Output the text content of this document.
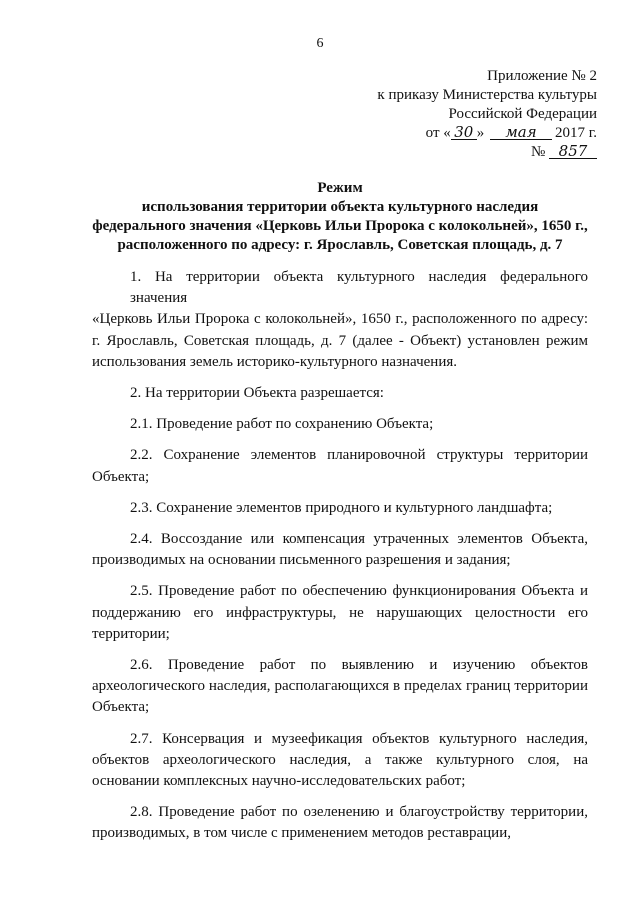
6
Приложение № 2
к приказу Министерства культуры
Российской Федерации
от « 30 » мая 2017 г.
№ 857
Режим
использования территории объекта культурного наследия
федерального значения «Церковь Ильи Пророка с колокольней», 1650 г.,
расположенного по адресу: г. Ярославль, Советская площадь, д. 7
1. На территории объекта культурного наследия федерального значения
«Церковь Ильи Пророка с колокольней», 1650 г., расположенного по адресу:
г. Ярославль, Советская площадь, д. 7 (далее - Объект) установлен режим
использования земель историко-культурного назначения.
2. На территории Объекта разрешается:
2.1. Проведение работ по сохранению Объекта;
2.2. Сохранение элементов планировочной структуры территории
Объекта;
2.3. Сохранение элементов природного и культурного ландшафта;
2.4. Воссоздание или компенсация утраченных элементов Объекта,
производимых на основании письменного разрешения и задания;
2.5. Проведение работ по обеспечению функционирования Объекта и
поддержанию его инфраструктуры, не нарушающих целостности его
территории;
2.6. Проведение работ по выявлению и изучению объектов
археологического наследия, располагающихся в пределах границ территории
Объекта;
2.7. Консервация и музеефикация объектов культурного наследия,
объектов археологического наследия, а также культурного слоя, на
основании комплексных научно-исследовательских работ;
2.8. Проведение работ по озеленению и благоустройству территории,
производимых, в том числе с применением методов реставрации,
